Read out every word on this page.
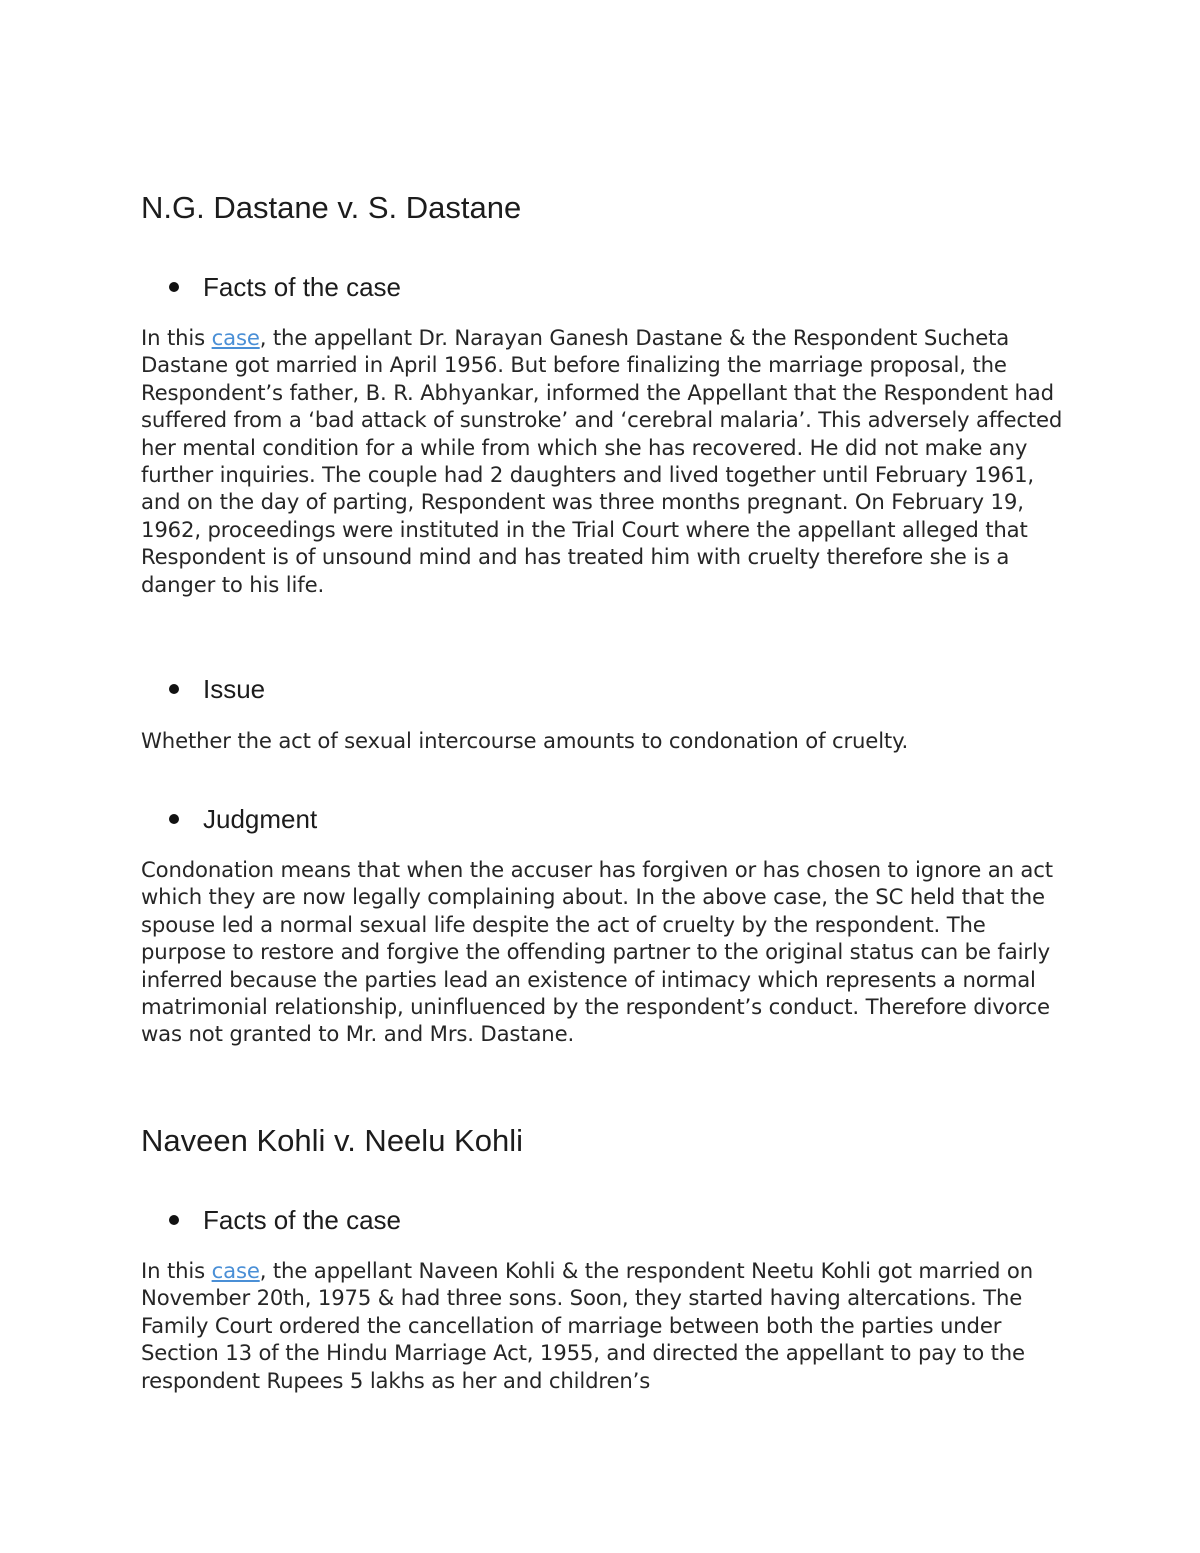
N.G. Dastane v. S. Dastane
Facts of the case

In this case, the appellant Dr. Narayan Ganesh Dastane & the Respondent Sucheta Dastane got married in April 1956. But before finalizing the marriage proposal, the Respondent’s father, B. R. Abhyankar, informed the Appellant that the Respondent had suffered from a ‘bad attack of sunstroke’ and ‘cerebral malaria’. This adversely affected her mental condition for a while from which she has recovered. He did not make any further inquiries. The couple had 2 daughters and lived together until February 1961, and on the day of parting, Respondent was three months pregnant. On February 19, 1962, proceedings were instituted in the Trial Court where the appellant alleged that Respondent is of unsound mind and has treated him with cruelty therefore she is a danger to his life.

Issue

Whether the act of sexual intercourse amounts to condonation of cruelty.

Judgment

Condonation means that when the accuser has forgiven or has chosen to ignore an act which they are now legally complaining about. In the above case, the SC held that the spouse led a normal sexual life despite the act of cruelty by the respondent. The purpose to restore and forgive the offending partner to the original status can be fairly inferred because the parties lead an existence of intimacy which represents a normal matrimonial relationship, uninfluenced by the respondent’s conduct. Therefore divorce was not granted to Mr. and Mrs. Dastane.

Naveen Kohli v. Neelu Kohli
Facts of the case

In this case, the appellant Naveen Kohli & the respondent Neetu Kohli got married on November 20th, 1975 & had three sons. Soon, they started having altercations. The Family Court ordered the cancellation of marriage between both the parties under Section 13 of the Hindu Marriage Act, 1955, and directed the appellant to pay to the respondent Rupees 5 lakhs as her and children’s
